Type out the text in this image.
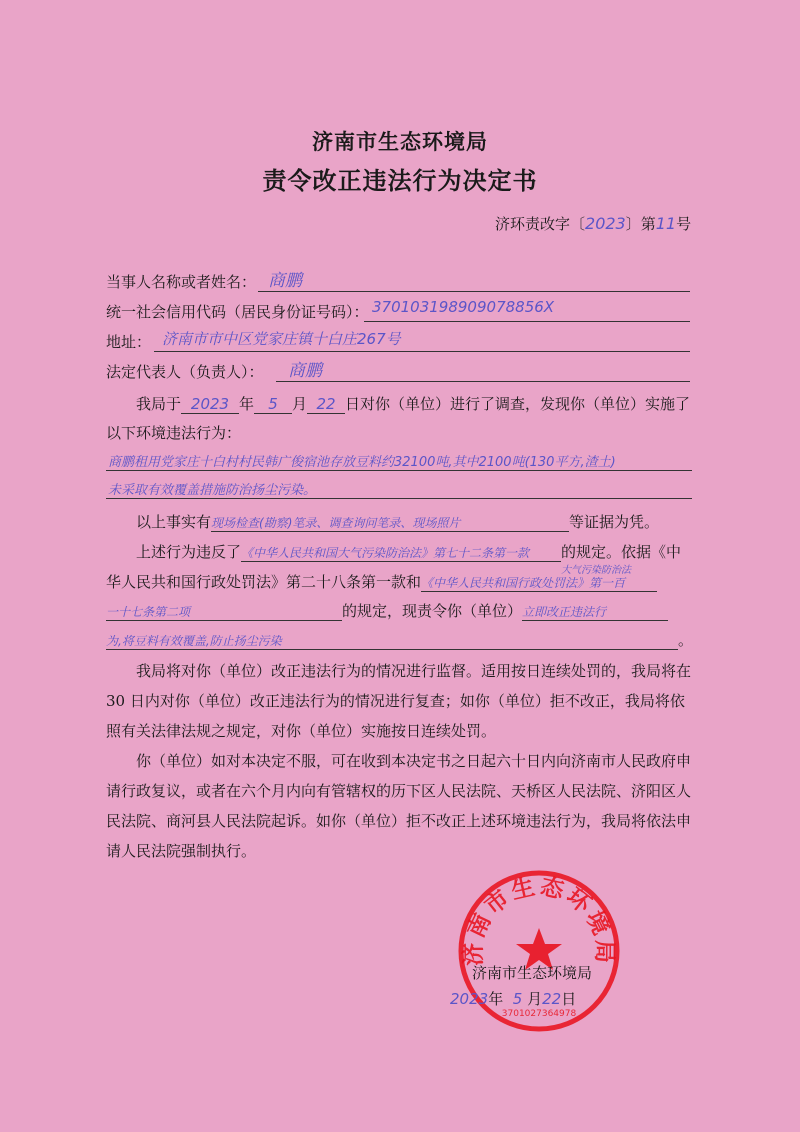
济南市生态环境局
责令改正违法行为决定书
济环责改字〔2023〕第11号
当事人名称或者姓名： 商鹏
统一社会信用代码（居民身份证号码）： 370103198909078856X
地址： 济南市市中区党家庄镇十白庄267号
法定代表人（负责人）： 商鹏
我局于 2023 年 5 月 22 日对你（单位）进行了调查，发现你（单位）实施了
以下环境违法行为：
商鹏租用党家庄十白村村民韩广俊宿池存放豆料约32100吨,其中2100吨(130平方,渣土)
未采取有效覆盖措施防治扬尘污染。
以上事实有现场检查(勘察)笔录、调查询问笔录、现场照片	等证据为凭。
上述行为违反了《中华人民共和国大气污染防治法》第七十二条第一款 的规定。依据《中
华人民共和国行政处罚法》第二十八条第一款和
大气污染防治法
《中华人民共和国行政处罚法》第一百
一十七条第二项	的规定，现责令你（单位）立即改正违法行
为,将豆料有效覆盖,防止扬尘污染	。
我局将对你（单位）改正违法行为的情况进行监督。适用按日连续处罚的，我局将在 30 日内对你（单位）改正违法行为的情况进行复查；如你（单位）拒不改正，我局将依照有关法律法规之规定，对你（单位）实施按日连续处罚。
你（单位）如对本决定不服，可在收到本决定书之日起六十日内向济南市人民政府申请行政复议，或者在六个月内向有管辖权的历下区人民法院、天桥区人民法院、济阳区人民法院、商河县人民法院起诉。如你（单位）拒不改正上述环境违法行为，我局将依法申请人民法院强制执行。
济南市生态环境局
3701027364978
济南市生态环境局
2023年 5 月22日
